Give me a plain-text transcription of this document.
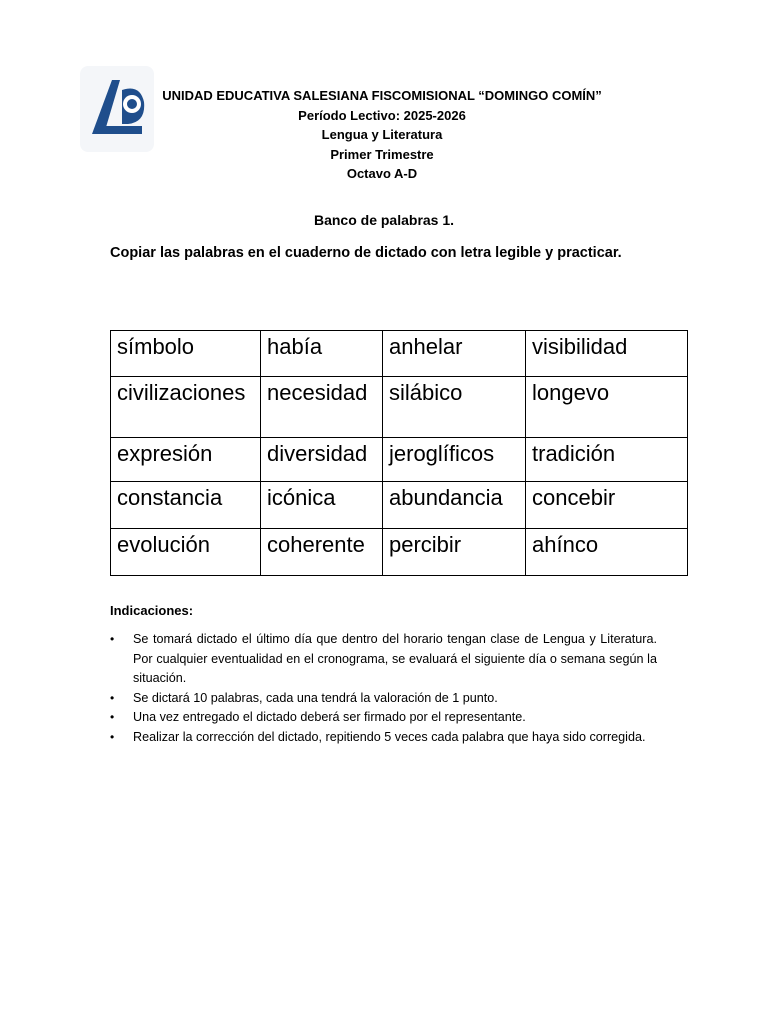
UNIDAD EDUCATIVA SALESIANA FISCOMISIONAL “DOMINGO COMÍN”
Período Lectivo: 2025-2026
Lengua y Literatura
Primer Trimestre
Octavo A-D
Banco de palabras 1.
Copiar las palabras en el cuaderno de dictado con letra legible y practicar.
símbolo	había	anhelar	visibilidad
civilizaciones	necesidad	silábico	longevo
expresión	diversidad	jeroglíficos	tradición
constancia	icónica	abundancia	concebir
evolución	coherente	percibir	ahínco
Indicaciones:
• Se tomará dictado el último día que dentro del horario tengan clase de Lengua y Literatura. Por cualquier eventualidad en el cronograma, se evaluará el siguiente día o semana según la situación.
• Se dictará 10 palabras, cada una tendrá la valoración de 1 punto.
• Una vez entregado el dictado deberá ser firmado por el representante.
• Realizar la corrección del dictado, repitiendo 5 veces cada palabra que haya sido corregida.
